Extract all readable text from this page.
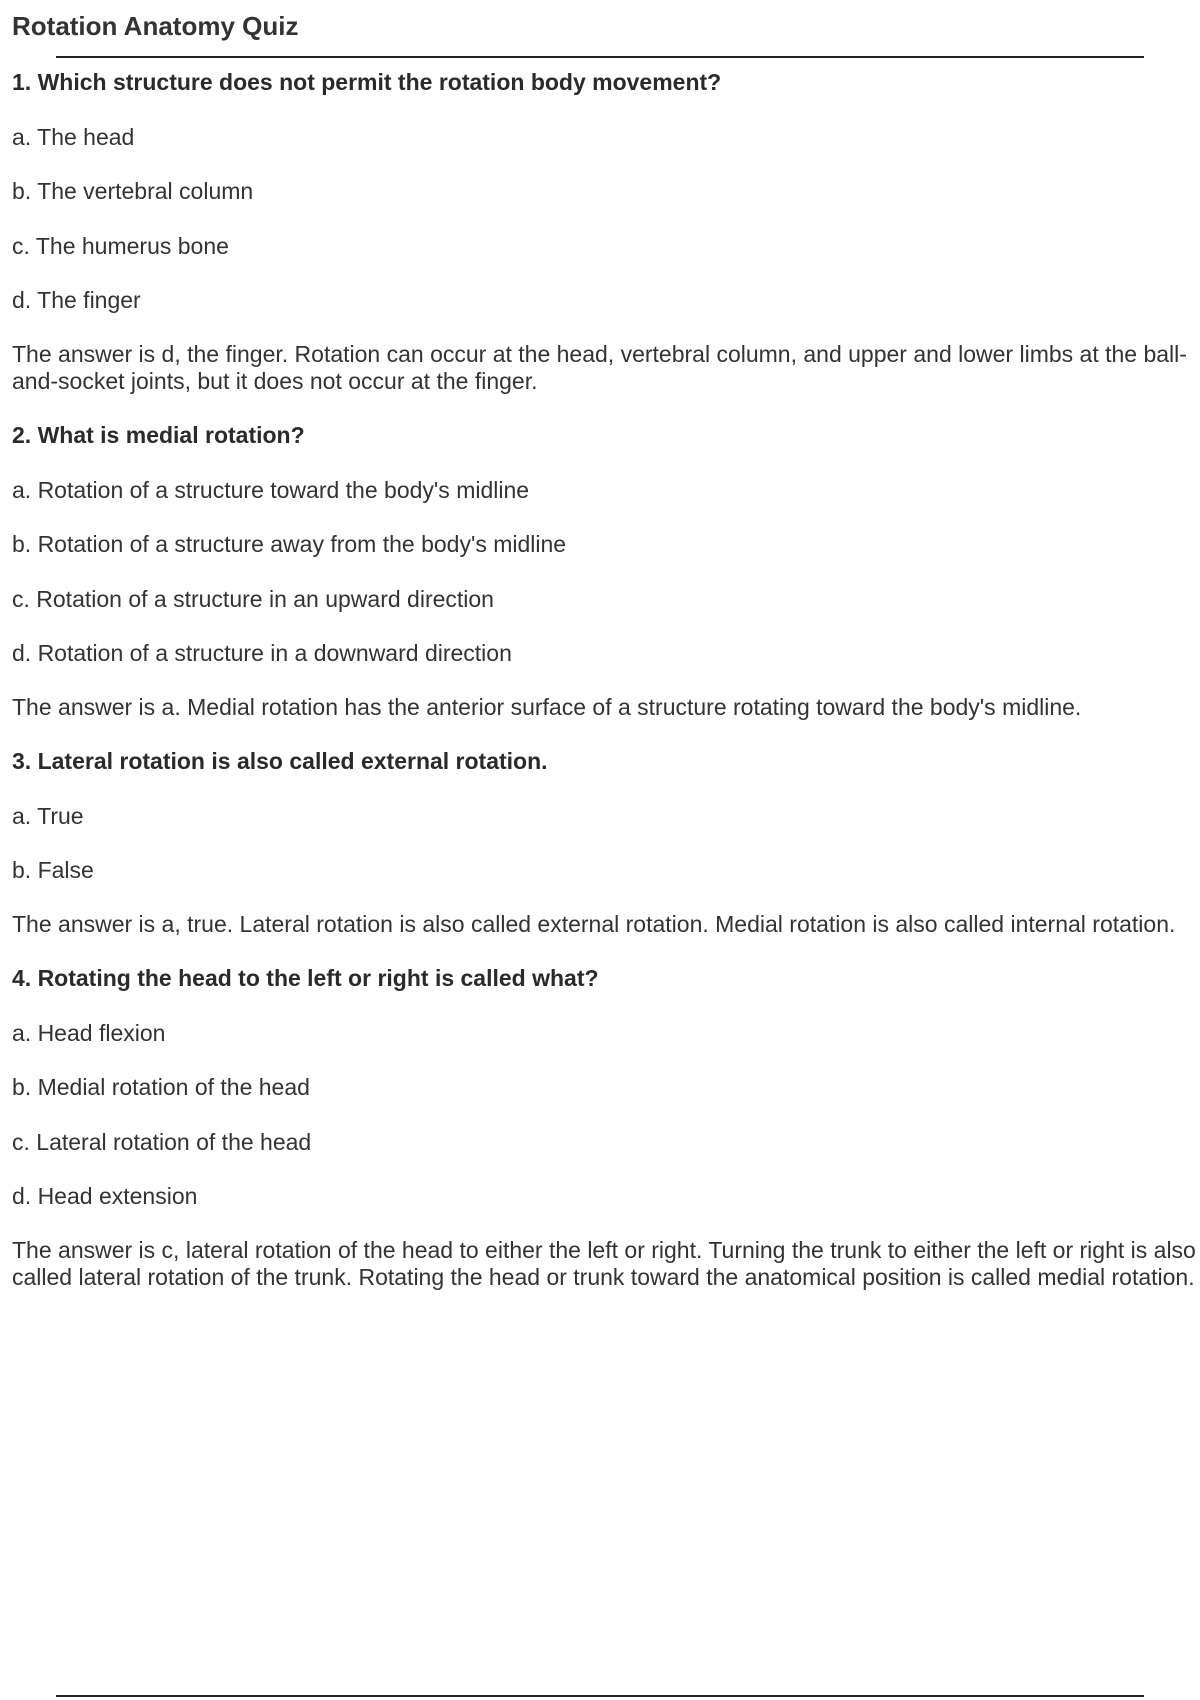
Rotation Anatomy Quiz
1. Which structure does not permit the rotation body movement?
a. The head
b. The vertebral column
c. The humerus bone
d. The finger
The answer is d, the finger. Rotation can occur at the head, vertebral column, and upper and lower limbs at the ball-and-socket joints, but it does not occur at the finger.
2. What is medial rotation?
a. Rotation of a structure toward the body's midline
b. Rotation of a structure away from the body's midline
c. Rotation of a structure in an upward direction
d. Rotation of a structure in a downward direction
The answer is a. Medial rotation has the anterior surface of a structure rotating toward the body's midline.
3. Lateral rotation is also called external rotation.
a. True
b. False
The answer is a, true. Lateral rotation is also called external rotation. Medial rotation is also called internal rotation.
4. Rotating the head to the left or right is called what?
a. Head flexion
b. Medial rotation of the head
c. Lateral rotation of the head
d. Head extension
The answer is c, lateral rotation of the head to either the left or right. Turning the trunk to either the left or right is also called lateral rotation of the trunk. Rotating the head or trunk toward the anatomical position is called medial rotation.
